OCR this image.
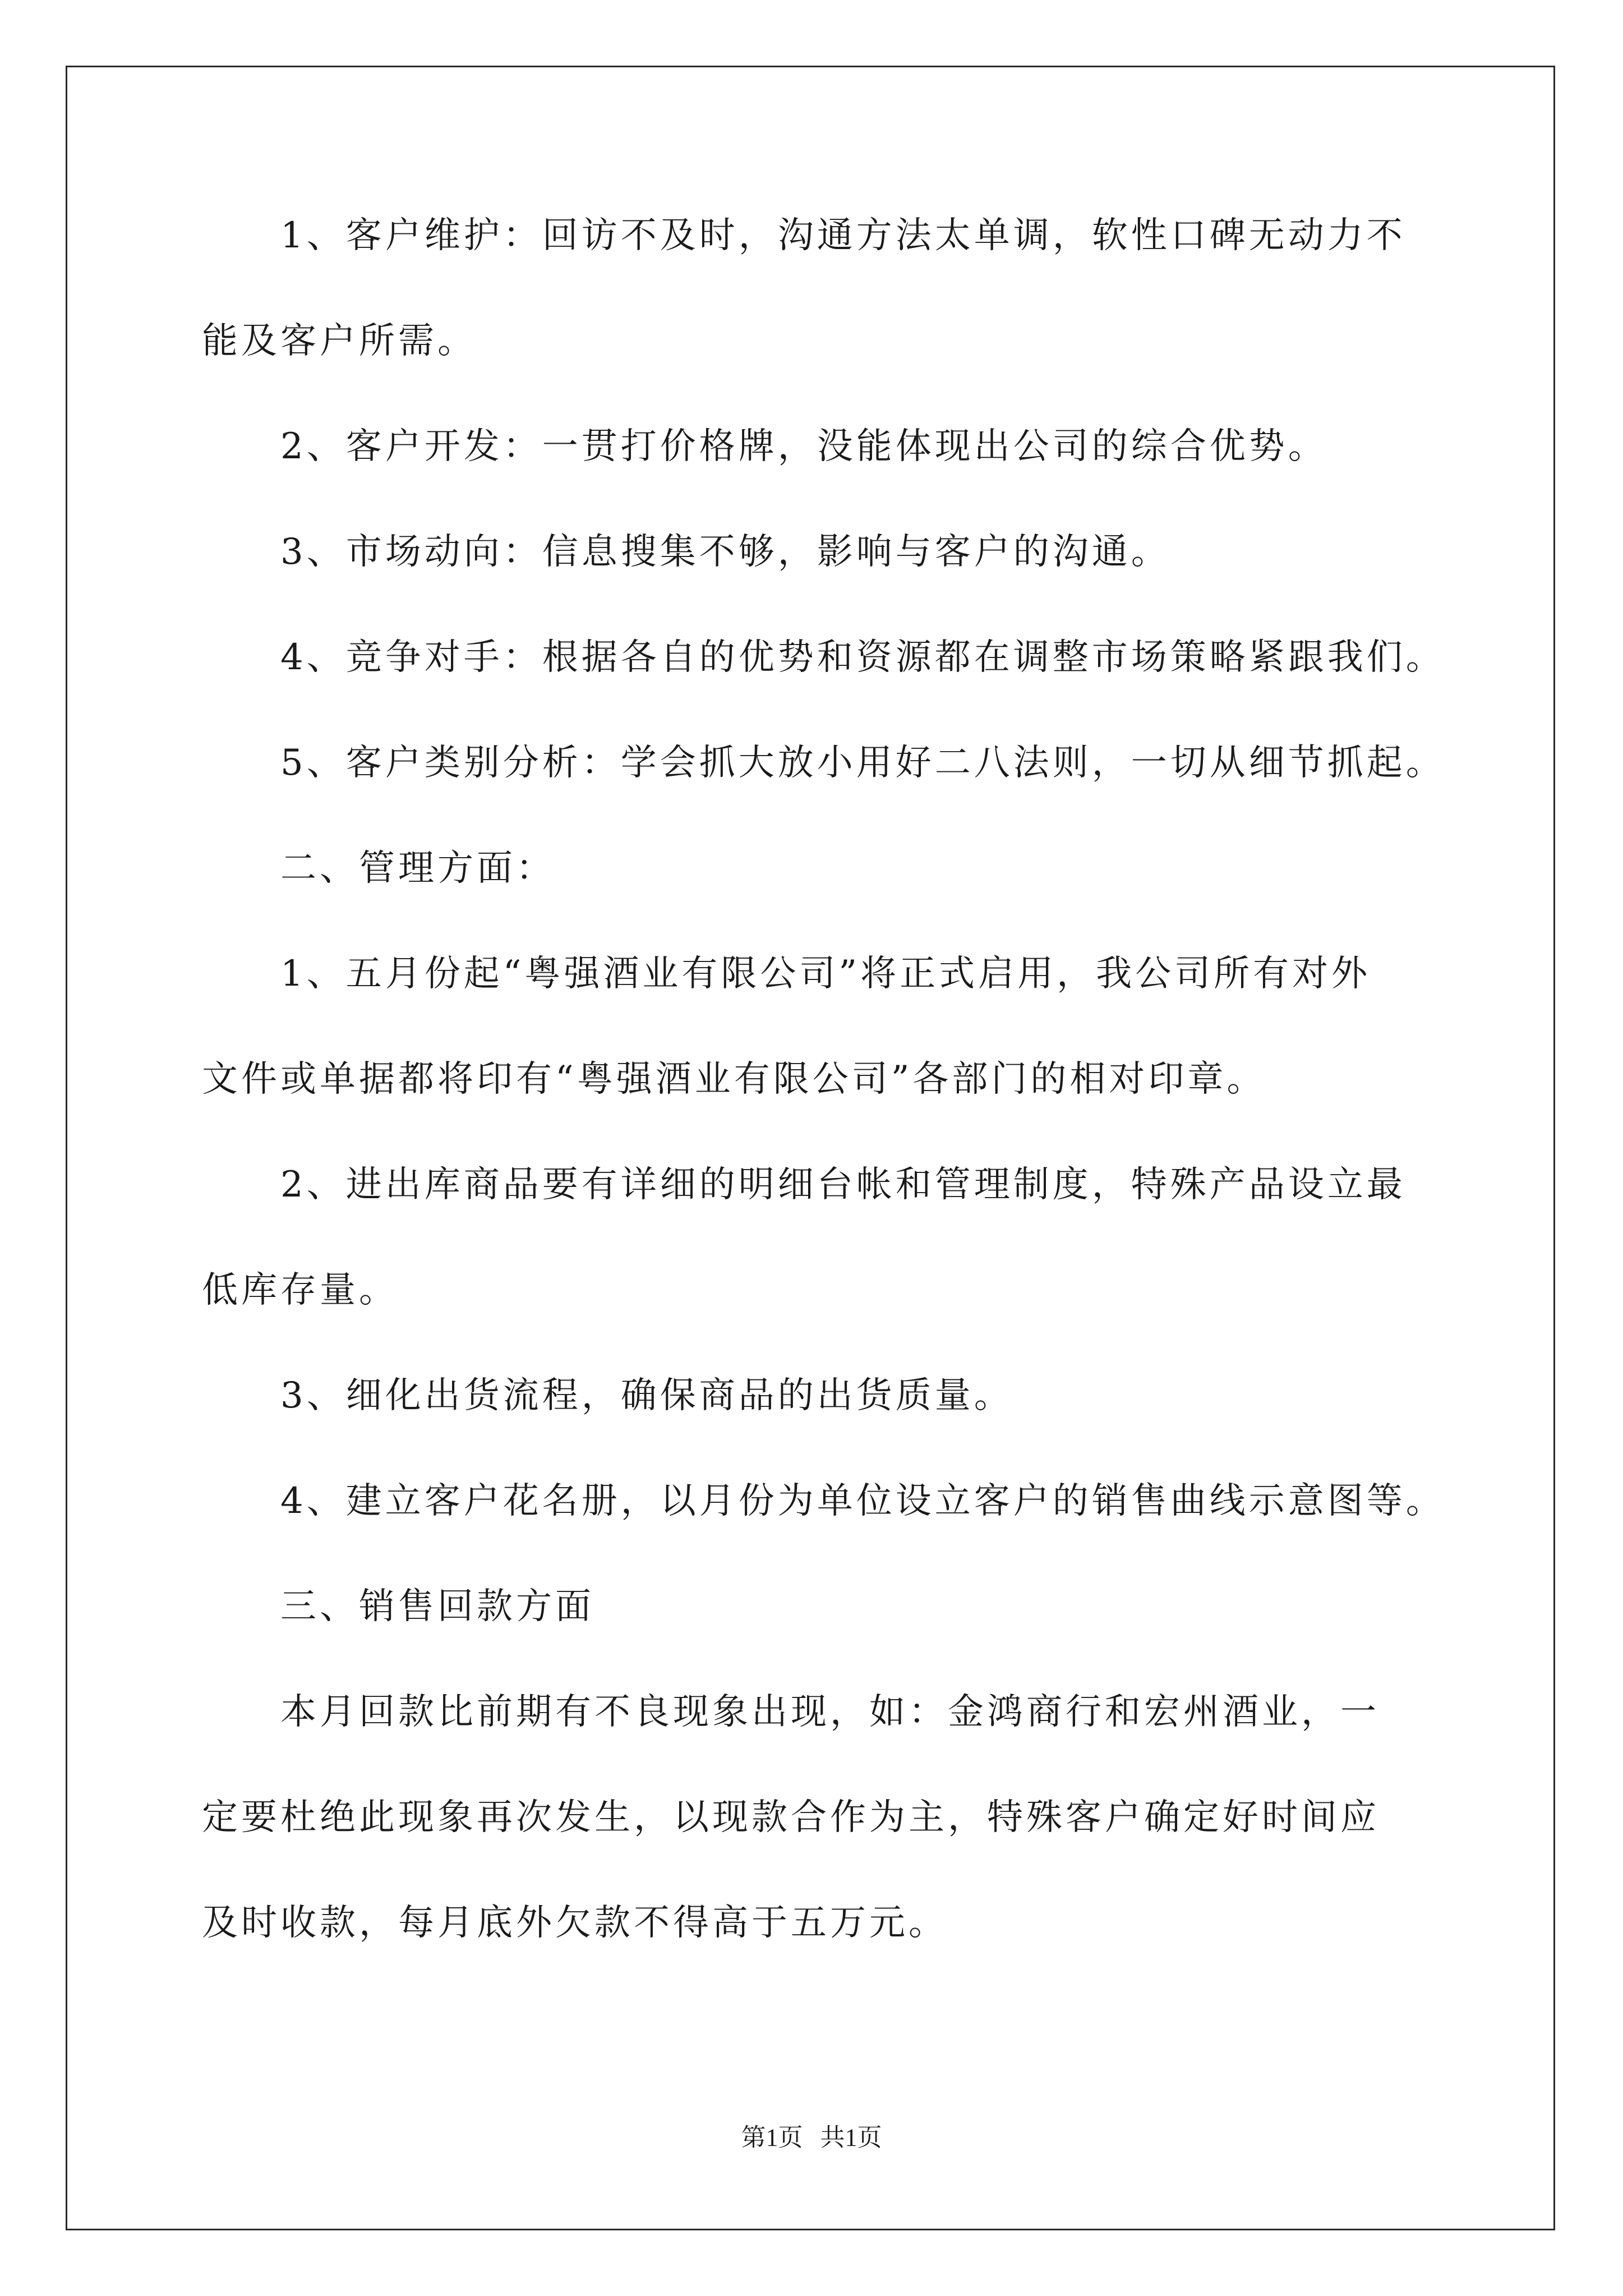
1、客户维护：回访不及时，沟通方法太单调，软性口碑无动力不
能及客户所需。
2、客户开发：一贯打价格牌，没能体现出公司的综合优势。
3、市场动向：信息搜集不够，影响与客户的沟通。
4、竞争对手：根据各自的优势和资源都在调整市场策略紧跟我们。
5、客户类别分析：学会抓大放小用好二八法则，一切从细节抓起。
二、管理方面：
1、五月份起“粤强酒业有限公司”将正式启用，我公司所有对外
文件或单据都将印有“粤强酒业有限公司”各部门的相对印章。
2、进出库商品要有详细的明细台帐和管理制度，特殊产品设立最
低库存量。
3、细化出货流程，确保商品的出货质量。
4、建立客户花名册，以月份为单位设立客户的销售曲线示意图等。
三、销售回款方面
本月回款比前期有不良现象出现，如：金鸿商行和宏州酒业，一
定要杜绝此现象再次发生，以现款合作为主，特殊客户确定好时间应
及时收款，每月底外欠款不得高于五万元。
第1页 共1页
